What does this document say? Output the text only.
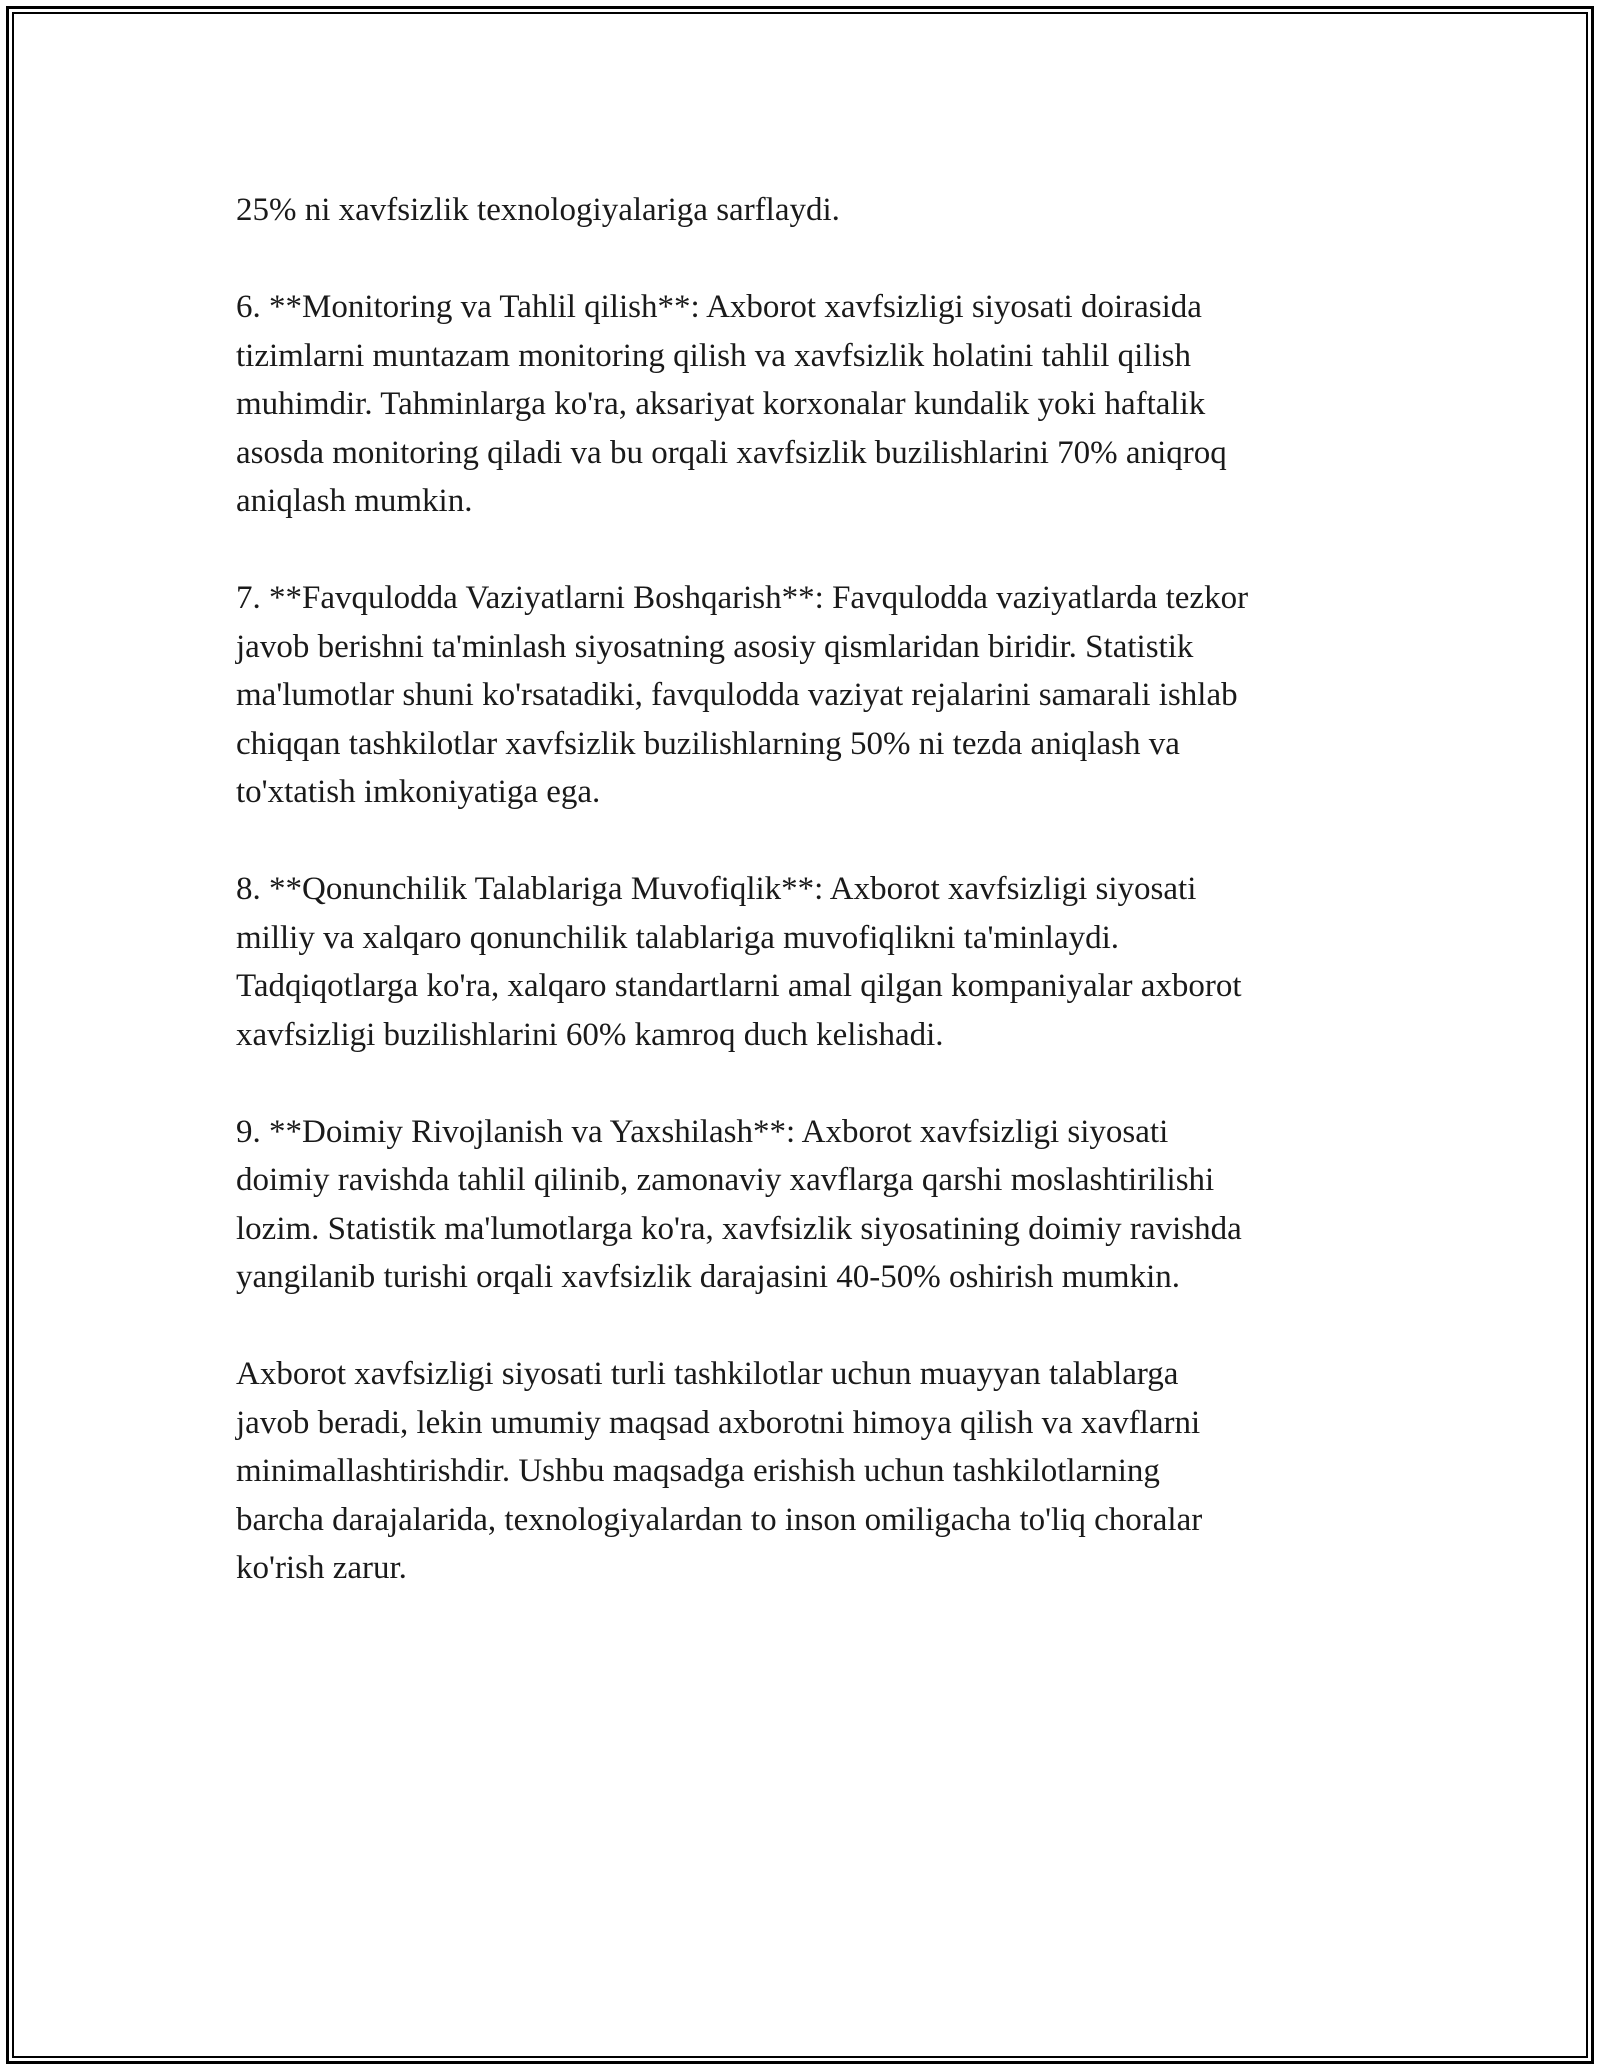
25% ni xavfsizlik texnologiyalariga sarflaydi.

6. **Monitoring va Tahlil qilish**: Axborot xavfsizligi siyosati doirasida
tizimlarni muntazam monitoring qilish va xavfsizlik holatini tahlil qilish
muhimdir. Tahminlarga ko'ra, aksariyat korxonalar kundalik yoki haftalik
asosda monitoring qiladi va bu orqali xavfsizlik buzilishlarini 70% aniqroq
aniqlash mumkin.

7. **Favqulodda Vaziyatlarni Boshqarish**: Favqulodda vaziyatlarda tezkor
javob berishni ta'minlash siyosatning asosiy qismlaridan biridir. Statistik
ma'lumotlar shuni ko'rsatadiki, favqulodda vaziyat rejalarini samarali ishlab
chiqqan tashkilotlar xavfsizlik buzilishlarning 50% ni tezda aniqlash va
to'xtatish imkoniyatiga ega.

8. **Qonunchilik Talablariga Muvofiqlik**: Axborot xavfsizligi siyosati
milliy va xalqaro qonunchilik talablariga muvofiqlikni ta'minlaydi.
Tadqiqotlarga ko'ra, xalqaro standartlarni amal qilgan kompaniyalar axborot
xavfsizligi buzilishlarini 60% kamroq duch kelishadi.

9. **Doimiy Rivojlanish va Yaxshilash**: Axborot xavfsizligi siyosati
doimiy ravishda tahlil qilinib, zamonaviy xavflarga qarshi moslashtirilishi
lozim. Statistik ma'lumotlarga ko'ra, xavfsizlik siyosatining doimiy ravishda
yangilanib turishi orqali xavfsizlik darajasini 40-50% oshirish mumkin.

Axborot xavfsizligi siyosati turli tashkilotlar uchun muayyan talablarga
javob beradi, lekin umumiy maqsad axborotni himoya qilish va xavflarni
minimallashtirishdir. Ushbu maqsadga erishish uchun tashkilotlarning
barcha darajalarida, texnologiyalardan to inson omiligacha to'liq choralar
ko'rish zarur.
